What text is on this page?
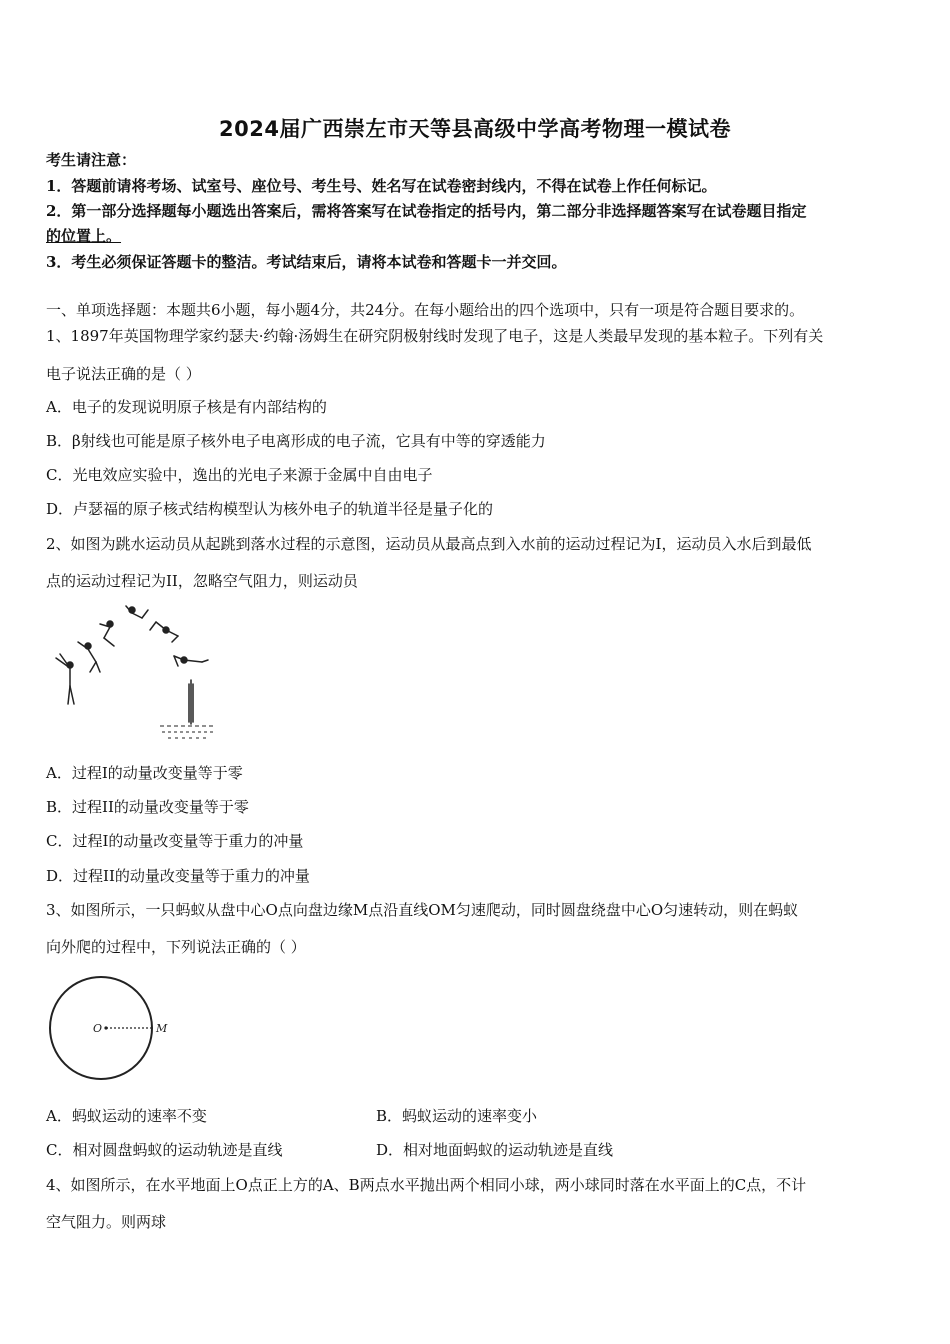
2024届广西崇左市天等县高级中学高考物理一模试卷
考生请注意：
1．答题前请将考场、试室号、座位号、考生号、姓名写在试卷密封线内，不得在试卷上作任何标记。
2．第一部分选择题每小题选出答案后，需将答案写在试卷指定的括号内，第二部分非选择题答案写在试卷题目指定
的位置上。
3．考生必须保证答题卡的整洁。考试结束后，请将本试卷和答题卡一并交回。
一、单项选择题：本题共6小题，每小题4分，共24分。在每小题给出的四个选项中，只有一项是符合题目要求的。
1、1897年英国物理学家约瑟夫·约翰·汤姆生在研究阴极射线时发现了电子，这是人类最早发现的基本粒子。下列有关
电子说法正确的是（ ）
A．电子的发现说明原子核是有内部结构的
B．β射线也可能是原子核外电子电离形成的电子流，它具有中等的穿透能力
C．光电效应实验中，逸出的光电子来源于金属中自由电子
D．卢瑟福的原子核式结构模型认为核外电子的轨道半径是量子化的
2、如图为跳水运动员从起跳到落水过程的示意图，运动员从最高点到入水前的运动过程记为I，运动员入水后到最低
点的运动过程记为II，忽略空气阻力，则运动员
A．过程I的动量改变量等于零
B．过程II的动量改变量等于零
C．过程I的动量改变量等于重力的冲量
D．过程II的动量改变量等于重力的冲量
3、如图所示，一只蚂蚁从盘中心O点向盘边缘M点沿直线OM匀速爬动，同时圆盘绕盘中心O匀速转动，则在蚂蚁
向外爬的过程中，下列说法正确的（ ）
O	M
A．蚂蚁运动的速率不变	B．蚂蚁运动的速率变小
C．相对圆盘蚂蚁的运动轨迹是直线	D．相对地面蚂蚁的运动轨迹是直线
4、如图所示，在水平地面上O点正上方的A、B两点水平抛出两个相同小球，两小球同时落在水平面上的C点，不计
空气阻力。则两球
